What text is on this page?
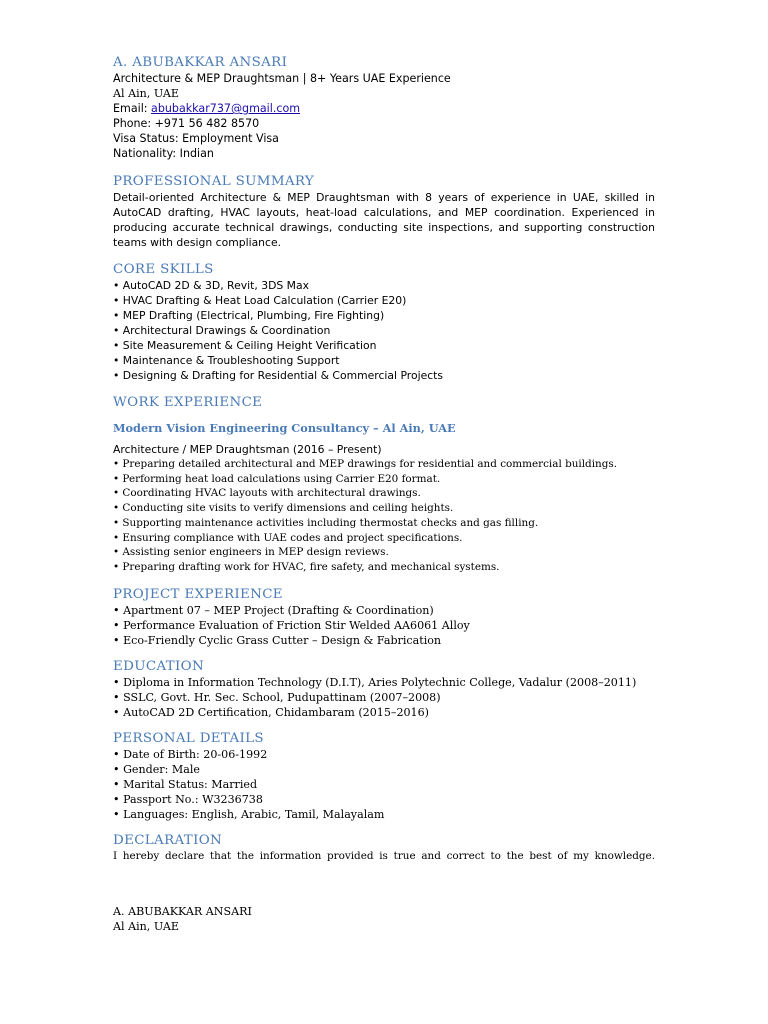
A. ABUBAKKAR ANSARI
Architecture & MEP Draughtsman | 8+ Years UAE Experience
Al Ain, UAE
Email: abubakkar737@gmail.com
Phone: +971 56 482 8570
Visa Status: Employment Visa
Nationality: Indian
PROFESSIONAL SUMMARY
Detail-oriented Architecture & MEP Draughtsman with 8 years of experience in UAE, skilled in AutoCAD drafting, HVAC layouts, heat-load calculations, and MEP coordination. Experienced in producing accurate technical drawings, conducting site inspections, and supporting construction teams with design compliance.
CORE SKILLS
• AutoCAD 2D & 3D, Revit, 3DS Max
• HVAC Drafting & Heat Load Calculation (Carrier E20)
• MEP Drafting (Electrical, Plumbing, Fire Fighting)
• Architectural Drawings & Coordination
• Site Measurement & Ceiling Height Verification
• Maintenance & Troubleshooting Support
• Designing & Drafting for Residential & Commercial Projects
WORK EXPERIENCE
Modern Vision Engineering Consultancy – Al Ain, UAE
Architecture / MEP Draughtsman (2016 – Present)
• Preparing detailed architectural and MEP drawings for residential and commercial buildings.
• Performing heat load calculations using Carrier E20 format.
• Coordinating HVAC layouts with architectural drawings.
• Conducting site visits to verify dimensions and ceiling heights.
• Supporting maintenance activities including thermostat checks and gas filling.
• Ensuring compliance with UAE codes and project specifications.
• Assisting senior engineers in MEP design reviews.
• Preparing drafting work for HVAC, fire safety, and mechanical systems.
PROJECT EXPERIENCE
• Apartment 07 – MEP Project (Drafting & Coordination)
• Performance Evaluation of Friction Stir Welded AA6061 Alloy
• Eco-Friendly Cyclic Grass Cutter – Design & Fabrication
EDUCATION
• Diploma in Information Technology (D.I.T), Aries Polytechnic College, Vadalur (2008–2011)
• SSLC, Govt. Hr. Sec. School, Pudupattinam (2007–2008)
• AutoCAD 2D Certification, Chidambaram (2015–2016)
PERSONAL DETAILS
• Date of Birth: 20-06-1992
• Gender: Male
• Marital Status: Married
• Passport No.: W3236738
• Languages: English, Arabic, Tamil, Malayalam
DECLARATION
I hereby declare that the information provided is true and correct to the best of my knowledge.
A. ABUBAKKAR ANSARI
Al Ain, UAE
